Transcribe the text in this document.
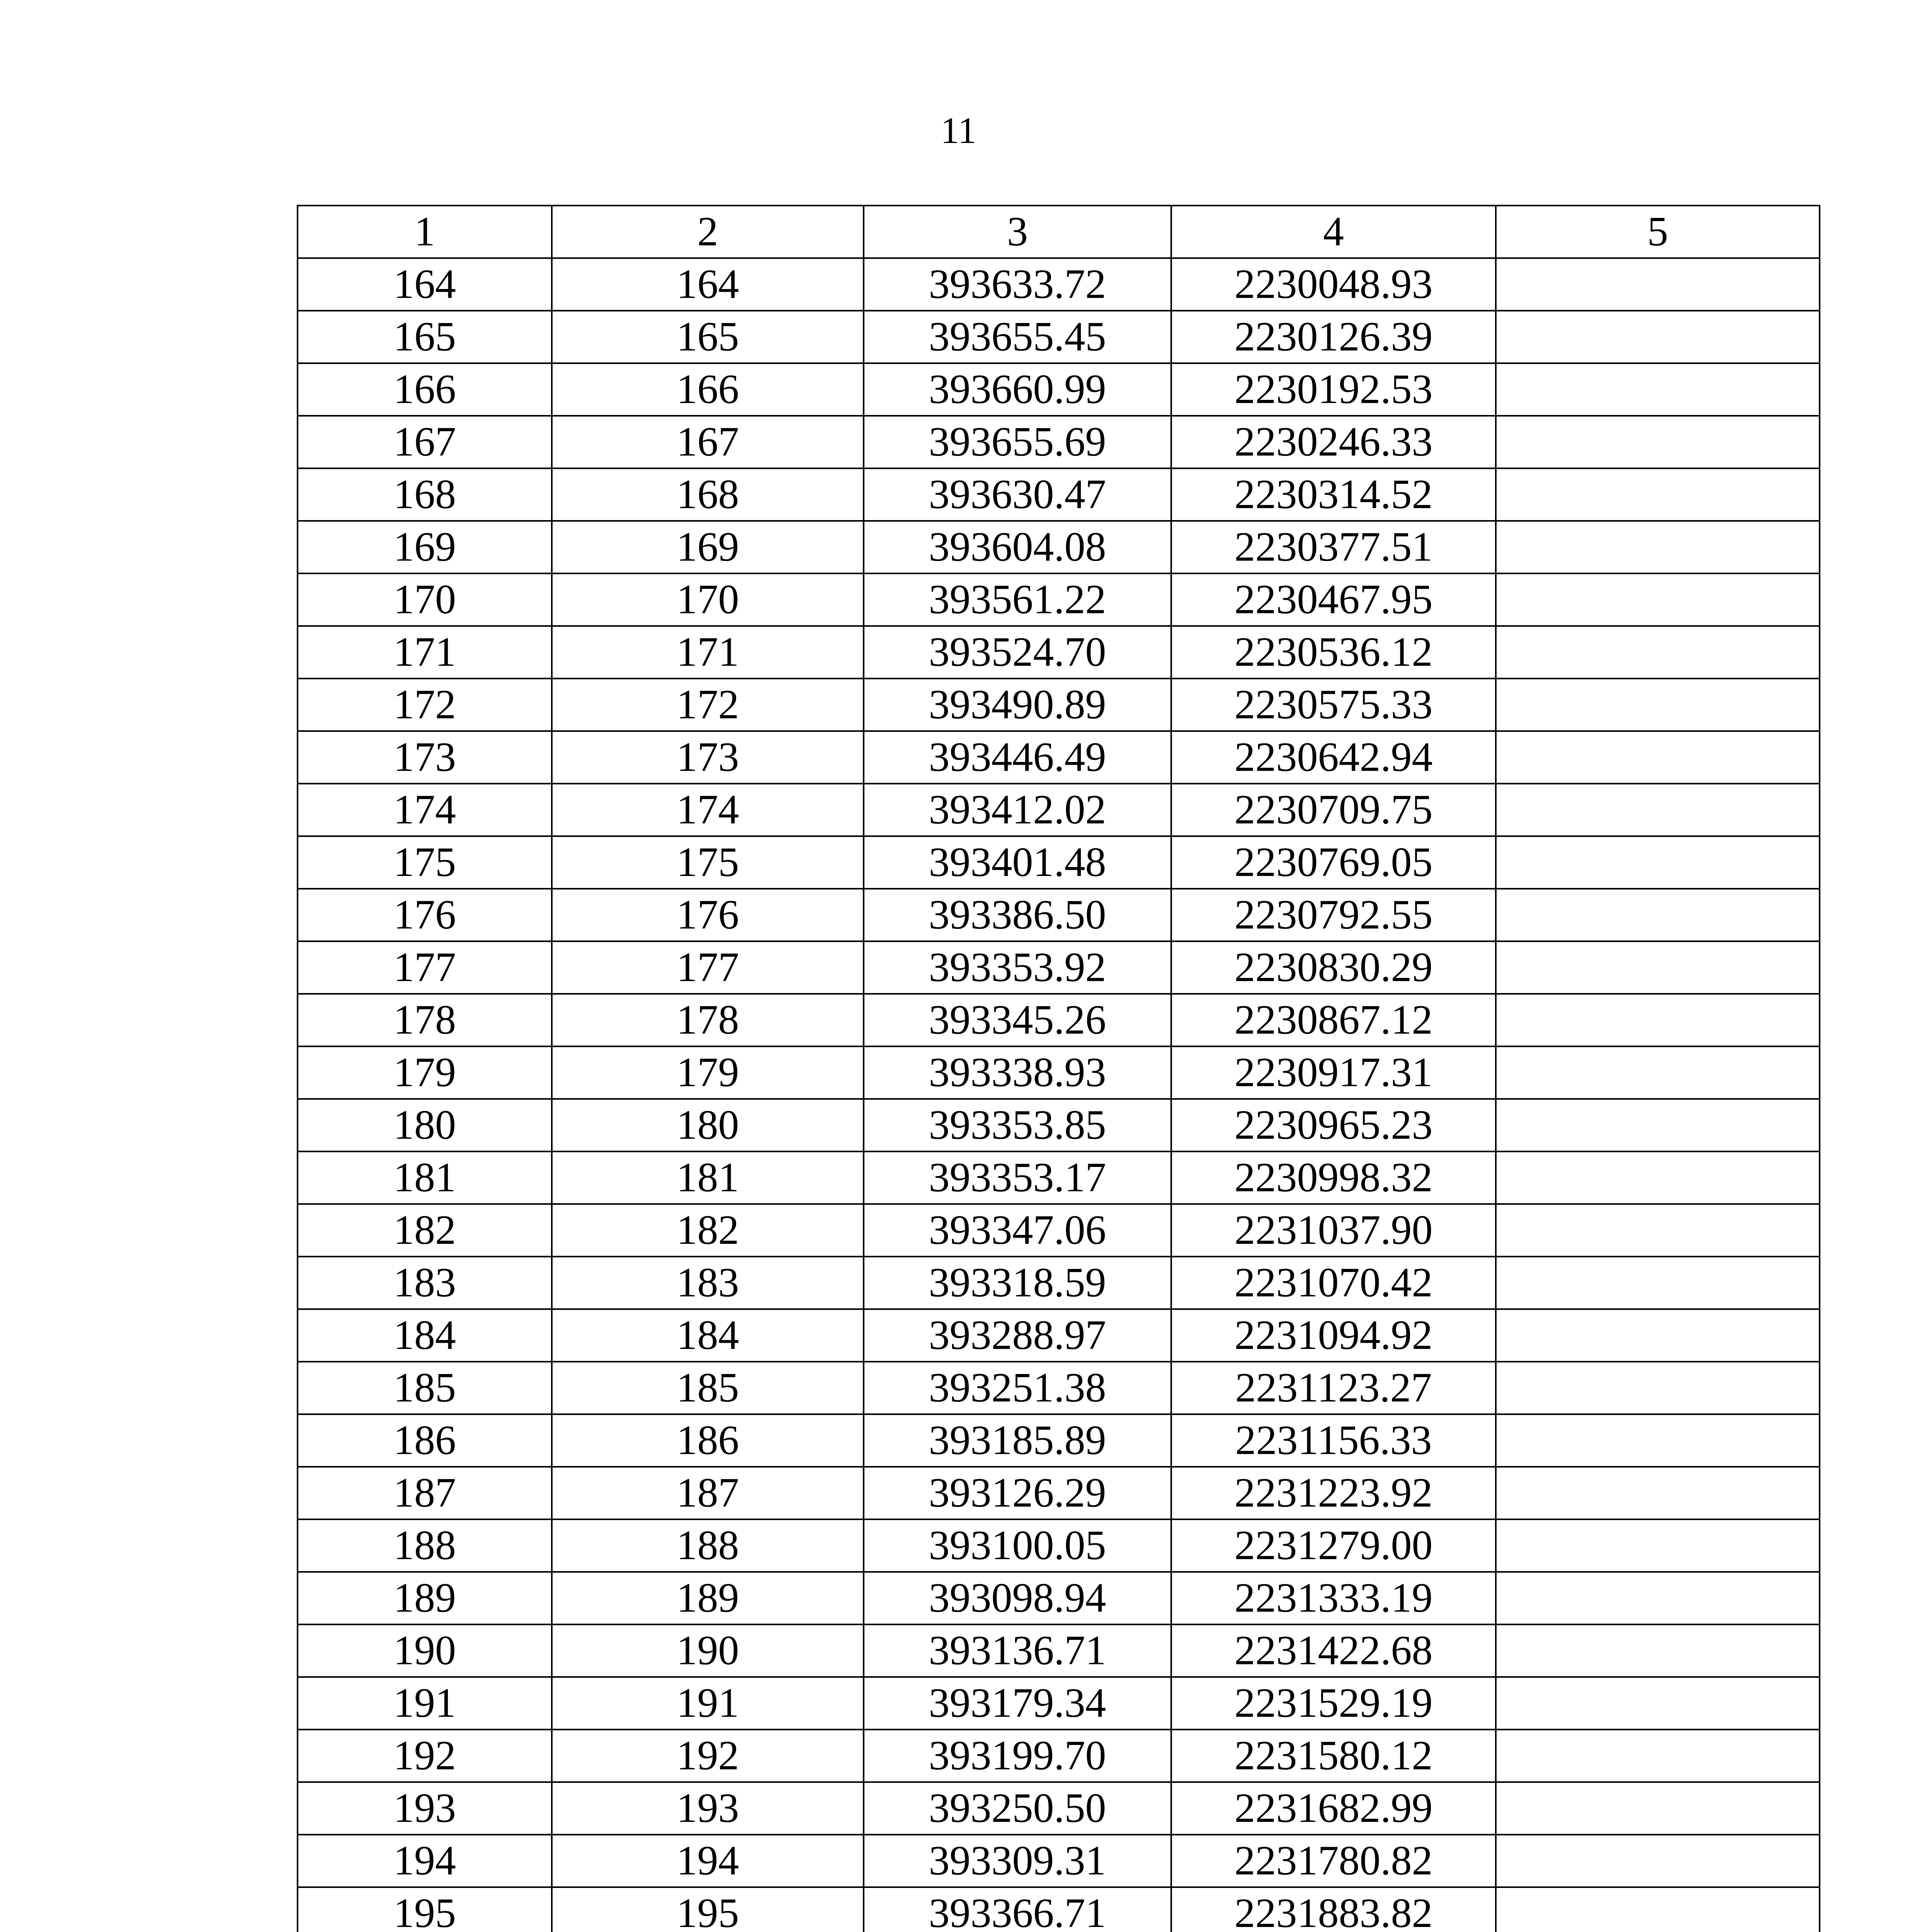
11
1	2	3	4	5
164	164	393633.72	2230048.93	
165	165	393655.45	2230126.39	
166	166	393660.99	2230192.53	
167	167	393655.69	2230246.33	
168	168	393630.47	2230314.52	
169	169	393604.08	2230377.51	
170	170	393561.22	2230467.95	
171	171	393524.70	2230536.12	
172	172	393490.89	2230575.33	
173	173	393446.49	2230642.94	
174	174	393412.02	2230709.75	
175	175	393401.48	2230769.05	
176	176	393386.50	2230792.55	
177	177	393353.92	2230830.29	
178	178	393345.26	2230867.12	
179	179	393338.93	2230917.31	
180	180	393353.85	2230965.23	
181	181	393353.17	2230998.32	
182	182	393347.06	2231037.90	
183	183	393318.59	2231070.42	
184	184	393288.97	2231094.92	
185	185	393251.38	2231123.27	
186	186	393185.89	2231156.33	
187	187	393126.29	2231223.92	
188	188	393100.05	2231279.00	
189	189	393098.94	2231333.19	
190	190	393136.71	2231422.68	
191	191	393179.34	2231529.19	
192	192	393199.70	2231580.12	
193	193	393250.50	2231682.99	
194	194	393309.31	2231780.82	
195	195	393366.71	2231883.82	
